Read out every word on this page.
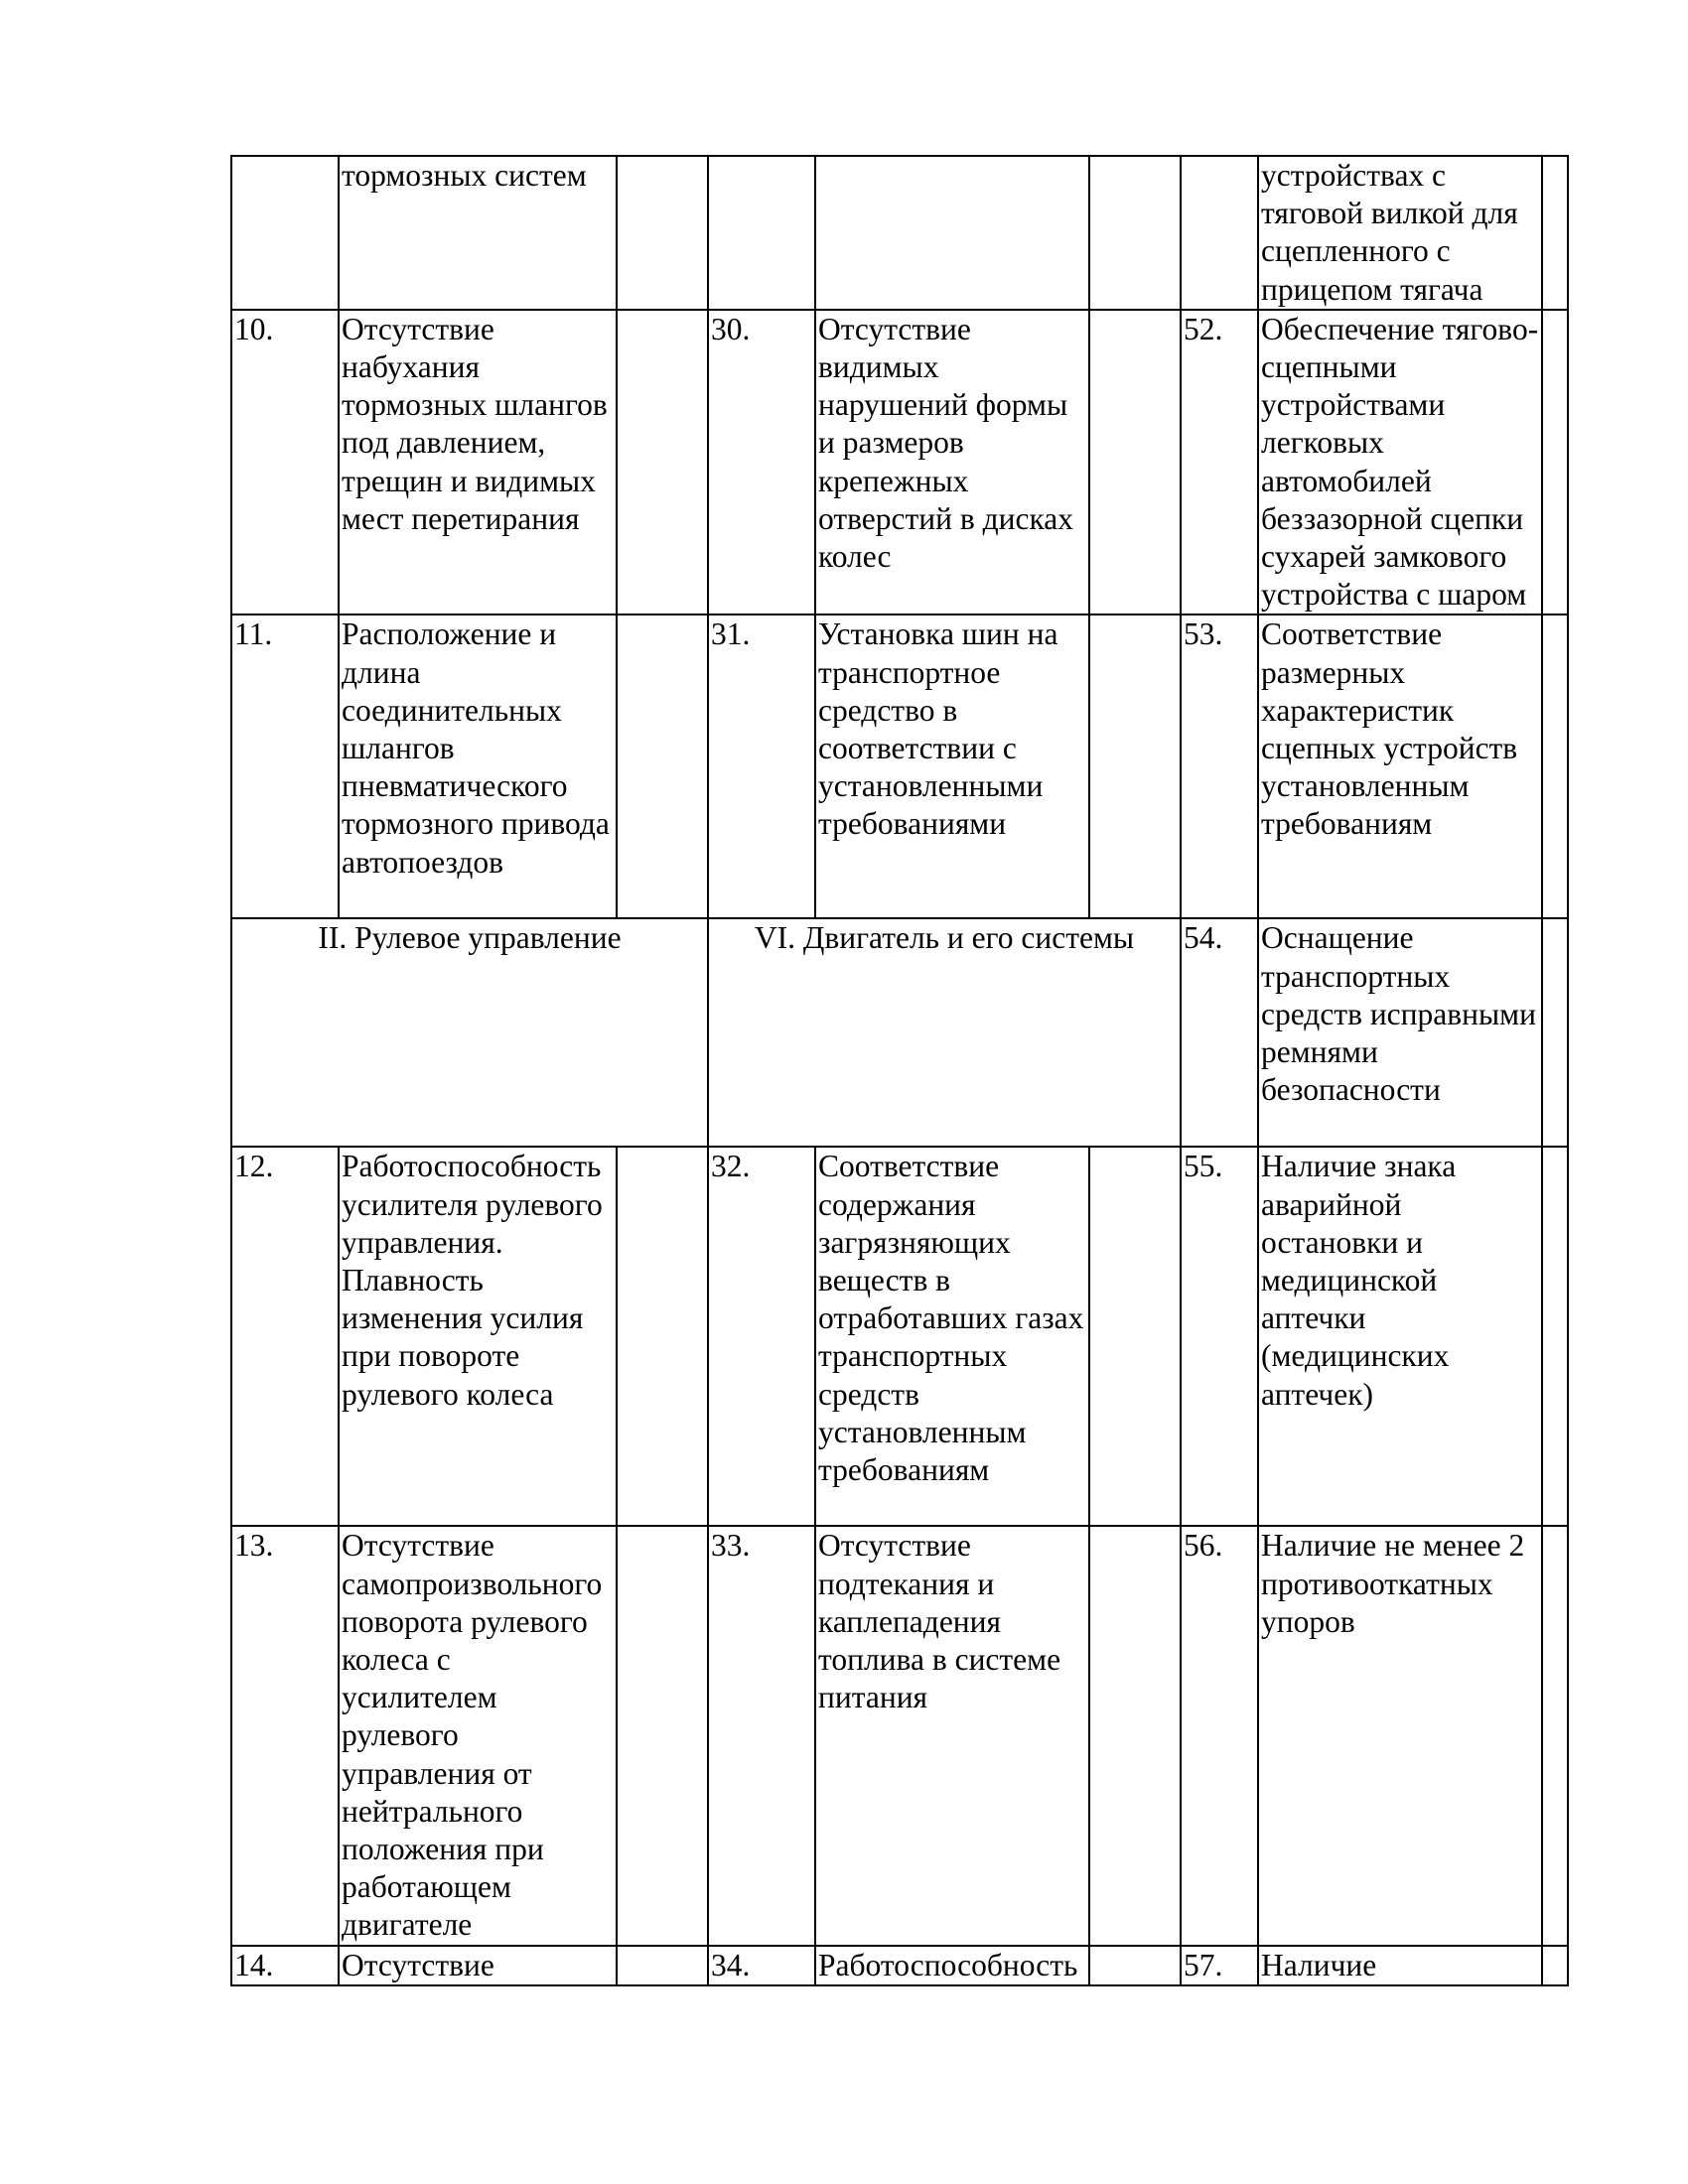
	тормозных систем						устройствах с тяговой вилкой для сцепленного с прицепом тягача	
10.	Отсутствие набухания тормозных шлангов под давлением, трещин и видимых мест перетирания		30.	Отсутствие видимых нарушений формы и размеров крепежных отверстий в дисках колес		52.	Обеспечение тягово-сцепными устройствами легковых автомобилей беззазорной сцепки сухарей замкового устройства с шаром	
11.	Расположение и длина соединительных шлангов пневматического тормозного привода автопоездов		31.	Установка шин на транспортное средство в соответствии с установленными требованиями		53.	Соответствие размерных характеристик сцепных устройств установленным требованиям	
II. Рулевое управление			VI. Двигатель и его системы			54.	Оснащение транспортных средств исправными ремнями безопасности	
12.	Работоспособность усилителя рулевого управления. Плавность изменения усилия при повороте рулевого колеса		32.	Соответствие содержания загрязняющих веществ в отработавших газах транспортных средств установленным требованиям		55.	Наличие знака аварийной остановки и медицинской аптечки (медицинских аптечек)	
13.	Отсутствие самопроизвольного поворота рулевого колеса с усилителем рулевого управления от нейтрального положения при работающем двигателе		33.	Отсутствие подтекания и каплепадения топлива в системе питания		56.	Наличие не менее 2 противооткатных упоров	
14.	Отсутствие		34.	Работоспособность		57.	Наличие	
